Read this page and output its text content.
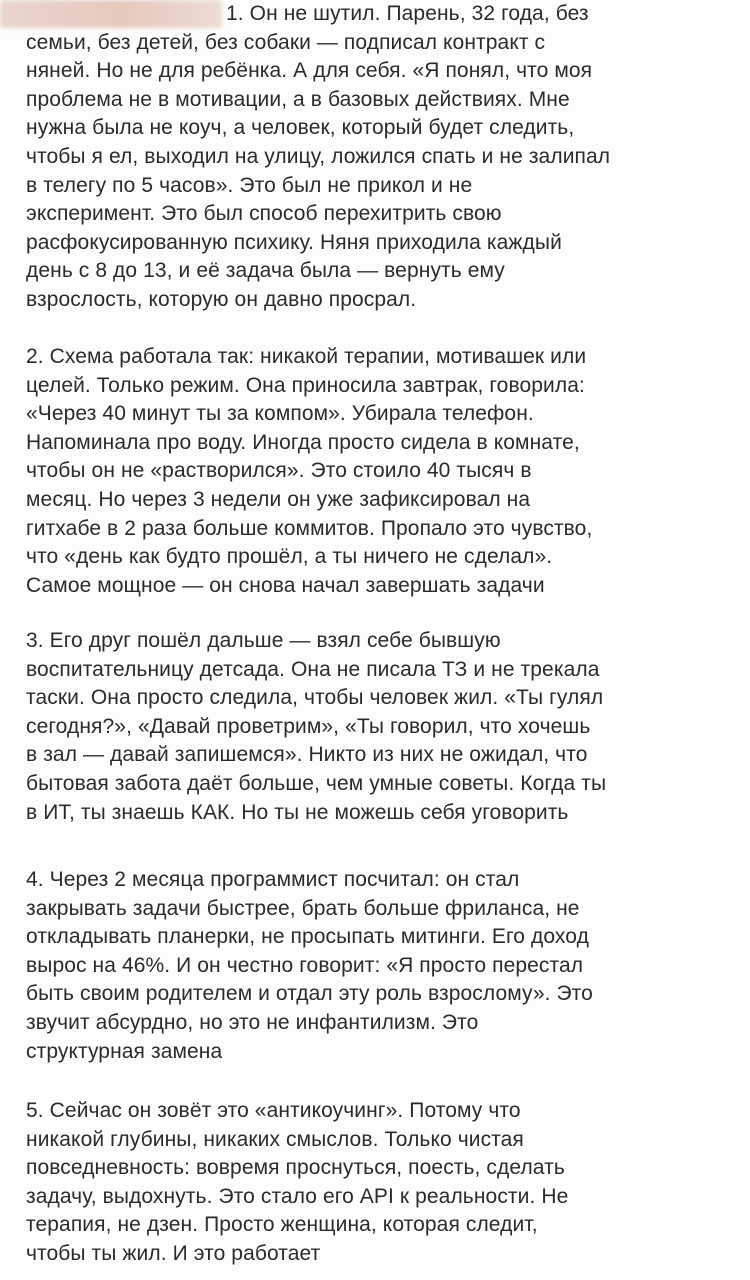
1. Он не шутил. Парень, 32 года, без
семьи, без детей, без собаки — подписал контракт с
няней. Но не для ребёнка. А для себя. «Я понял, что моя
проблема не в мотивации, а в базовых действиях. Мне
нужна была не коуч, а человек, который будет следить,
чтобы я ел, выходил на улицу, ложился спать и не залипал
в телегу по 5 часов». Это был не прикол и не
эксперимент. Это был способ перехитрить свою
расфокусированную психику. Няня приходила каждый
день с 8 до 13, и её задача была — вернуть ему
взрослость, которую он давно просрал.

2. Схема работала так: никакой терапии, мотивашек или
целей. Только режим. Она приносила завтрак, говорила:
«Через 40 минут ты за компом». Убирала телефон.
Напоминала про воду. Иногда просто сидела в комнате,
чтобы он не «растворился». Это стоило 40 тысяч в
месяц. Но через 3 недели он уже зафиксировал на
гитхабе в 2 раза больше коммитов. Пропало это чувство,
что «день как будто прошёл, а ты ничего не сделал».
Самое мощное — он снова начал завершать задачи

3. Его друг пошёл дальше — взял себе бывшую
воспитательницу детсада. Она не писала ТЗ и не трекала
таски. Она просто следила, чтобы человек жил. «Ты гулял
сегодня?», «Давай проветрим», «Ты говорил, что хочешь
в зал — давай запишемся». Никто из них не ожидал, что
бытовая забота даёт больше, чем умные советы. Когда ты
в ИТ, ты знаешь КАК. Но ты не можешь себя уговорить

4. Через 2 месяца программист посчитал: он стал
закрывать задачи быстрее, брать больше фриланса, не
откладывать планерки, не просыпать митинги. Его доход
вырос на 46%. И он честно говорит: «Я просто перестал
быть своим родителем и отдал эту роль взрослому». Это
звучит абсурдно, но это не инфантилизм. Это
структурная замена

5. Сейчас он зовёт это «антикоучинг». Потому что
никакой глубины, никаких смыслов. Только чистая
повседневность: вовремя проснуться, поесть, сделать
задачу, выдохнуть. Это стало его API к реальности. Не
терапия, не дзен. Просто женщина, которая следит,
чтобы ты жил. И это работает
